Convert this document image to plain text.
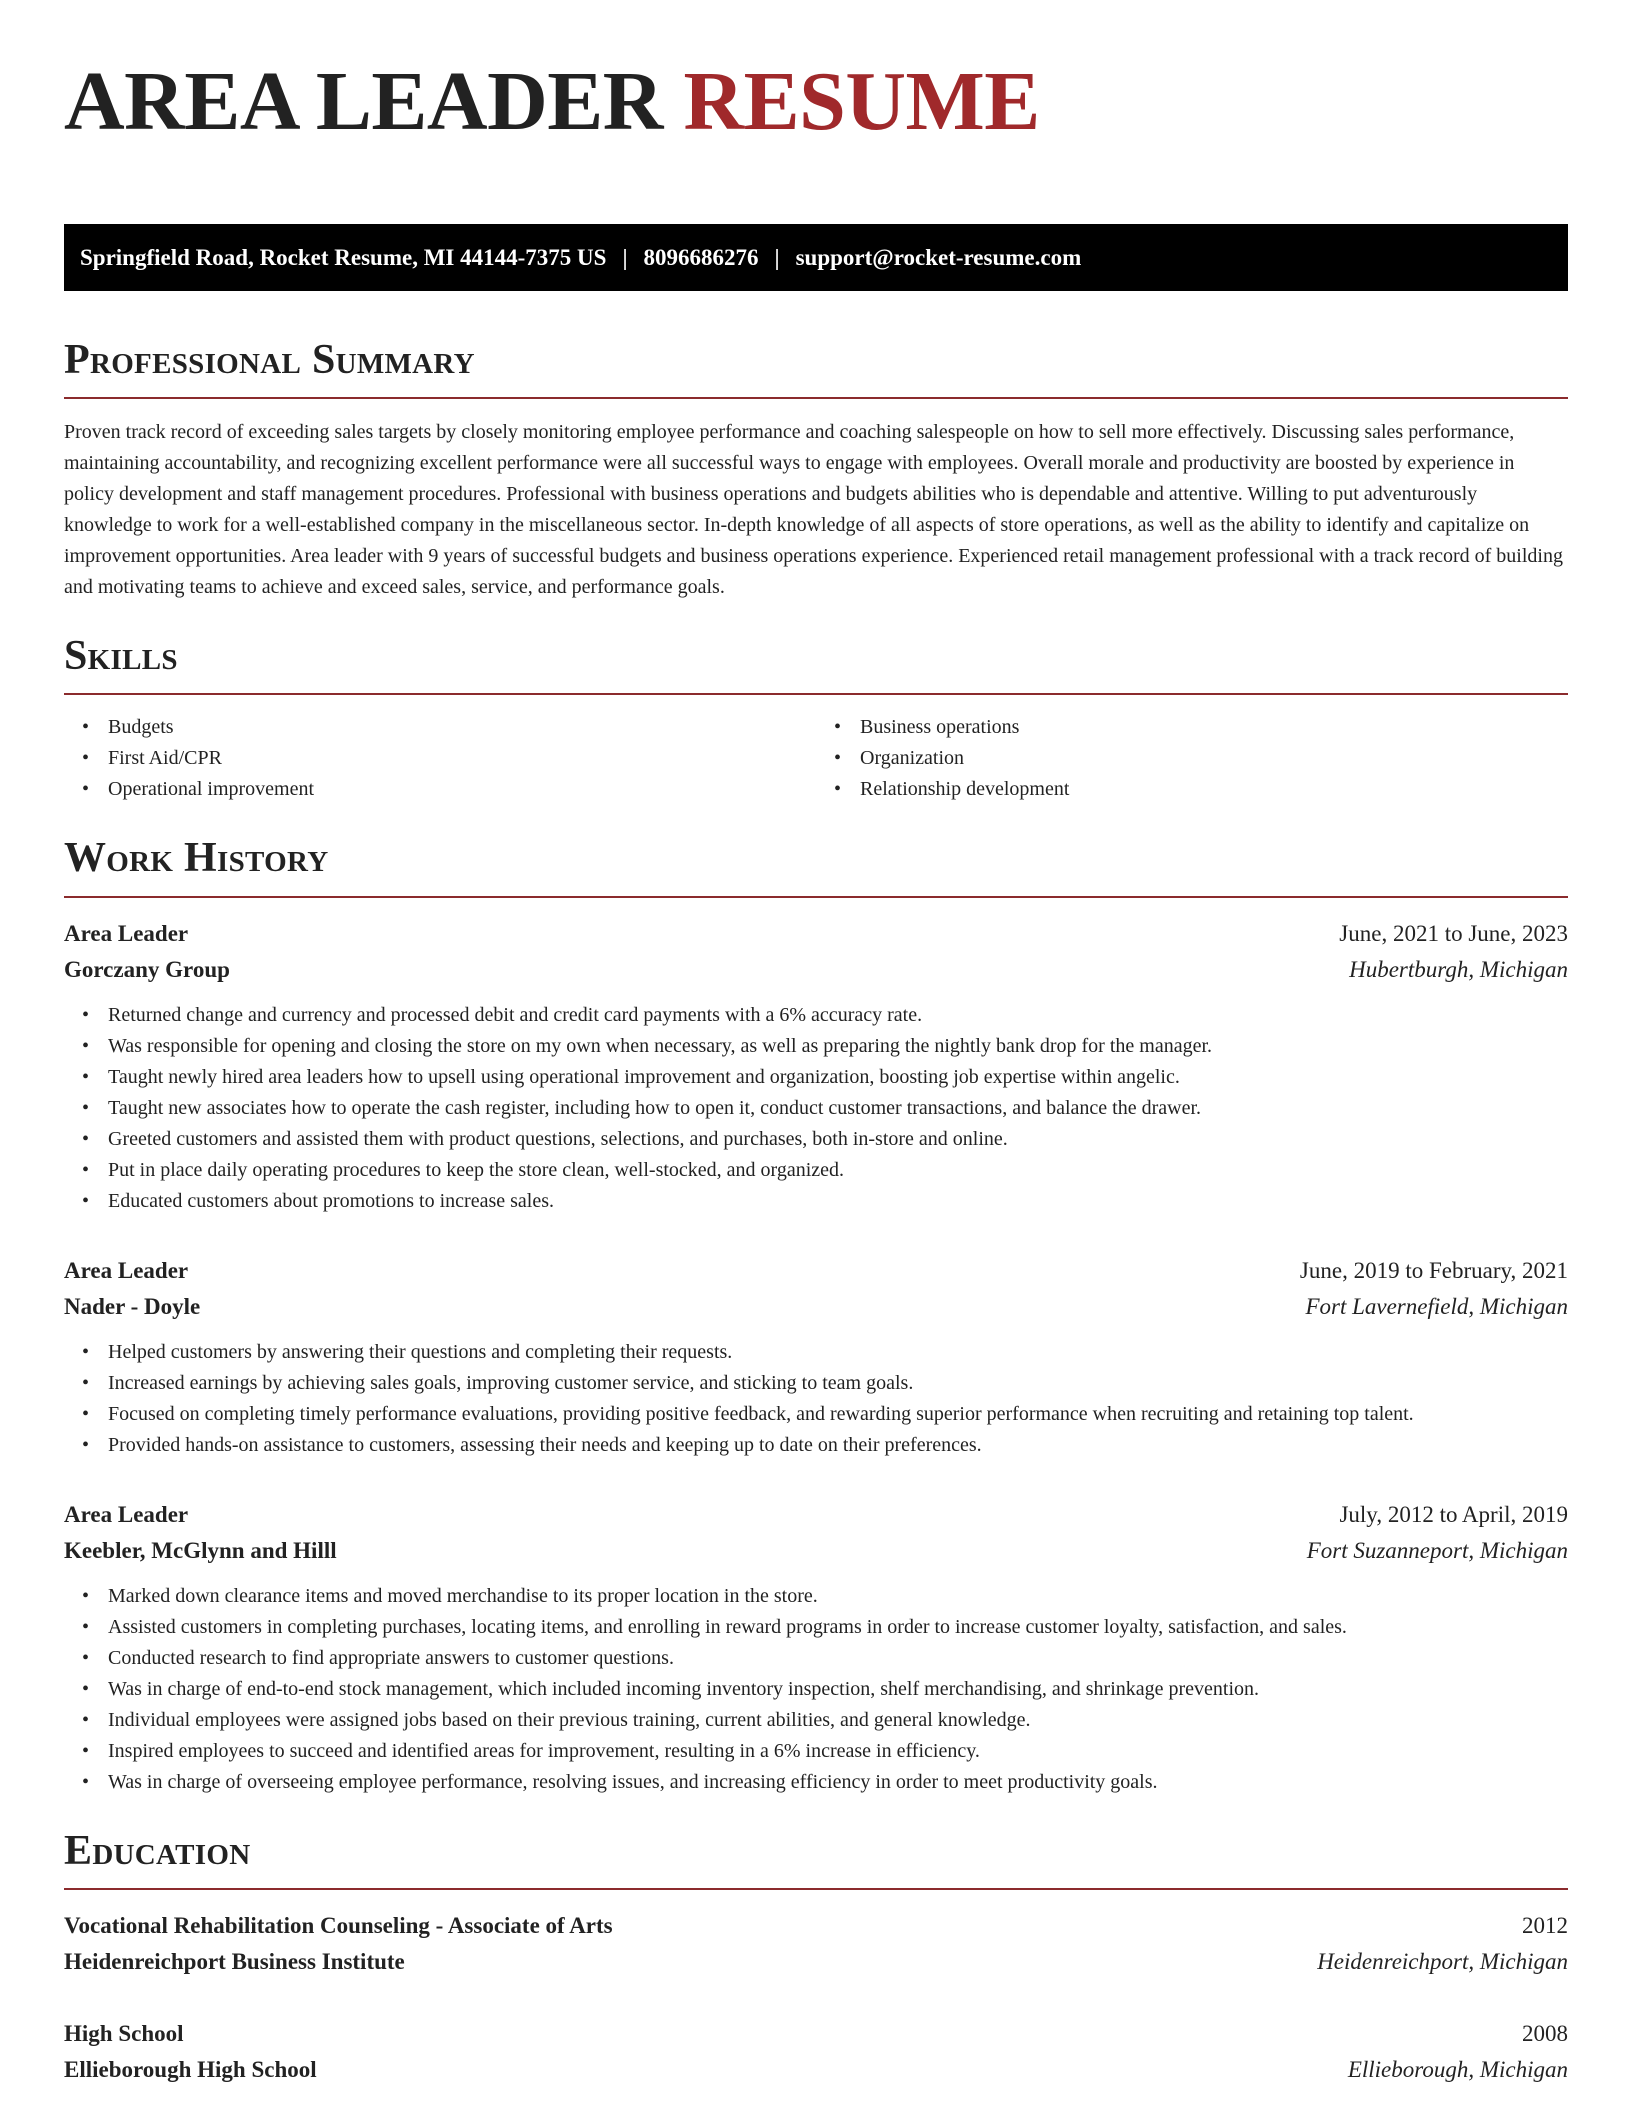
AREA LEADER RESUME
Springfield Road, Rocket Resume, MI 44144-7375 US | 8096686276 | support@rocket-resume.com
Professional Summary

Proven track record of exceeding sales targets by closely monitoring employee performance and coaching salespeople on how to sell more effectively. Discussing sales performance, maintaining accountability, and recognizing excellent performance were all successful ways to engage with employees. Overall morale and productivity are boosted by experience in policy development and staff management procedures. Professional with business operations and budgets abilities who is dependable and attentive. Willing to put adventurously knowledge to work for a well-established company in the miscellaneous sector. In-depth knowledge of all aspects of store operations, as well as the ability to identify and capitalize on improvement opportunities. Area leader with 9 years of successful budgets and business operations experience. Experienced retail management professional with a track record of building and motivating teams to achieve and exceed sales, service, and performance goals.

Skills
• Budgets
• First Aid/CPR
• Operational improvement
• Business operations
• Organization
• Relationship development
Work History
Area Leader	June, 2021 to June, 2023
Gorczany Group	Hubertburgh, Michigan
• Returned change and currency and processed debit and credit card payments with a 6% accuracy rate.
• Was responsible for opening and closing the store on my own when necessary, as well as preparing the nightly bank drop for the manager.
• Taught newly hired area leaders how to upsell using operational improvement and organization, boosting job expertise within angelic.
• Taught new associates how to operate the cash register, including how to open it, conduct customer transactions, and balance the drawer.
• Greeted customers and assisted them with product questions, selections, and purchases, both in-store and online.
• Put in place daily operating procedures to keep the store clean, well-stocked, and organized.
• Educated customers about promotions to increase sales.
Area Leader	June, 2019 to February, 2021
Nader - Doyle	Fort Lavernefield, Michigan
• Helped customers by answering their questions and completing their requests.
• Increased earnings by achieving sales goals, improving customer service, and sticking to team goals.
• Focused on completing timely performance evaluations, providing positive feedback, and rewarding superior performance when recruiting and retaining top talent.
• Provided hands-on assistance to customers, assessing their needs and keeping up to date on their preferences.
Area Leader	July, 2012 to April, 2019
Keebler, McGlynn and Hilll	Fort Suzanneport, Michigan
• Marked down clearance items and moved merchandise to its proper location in the store.
• Assisted customers in completing purchases, locating items, and enrolling in reward programs in order to increase customer loyalty, satisfaction, and sales.
• Conducted research to find appropriate answers to customer questions.
• Was in charge of end-to-end stock management, which included incoming inventory inspection, shelf merchandising, and shrinkage prevention.
• Individual employees were assigned jobs based on their previous training, current abilities, and general knowledge.
• Inspired employees to succeed and identified areas for improvement, resulting in a 6% increase in efficiency.
• Was in charge of overseeing employee performance, resolving issues, and increasing efficiency in order to meet productivity goals.
Education
Vocational Rehabilitation Counseling - Associate of Arts	2012
Heidenreichport Business Institute	Heidenreichport, Michigan
High School	2008
Ellieborough High School	Ellieborough, Michigan
